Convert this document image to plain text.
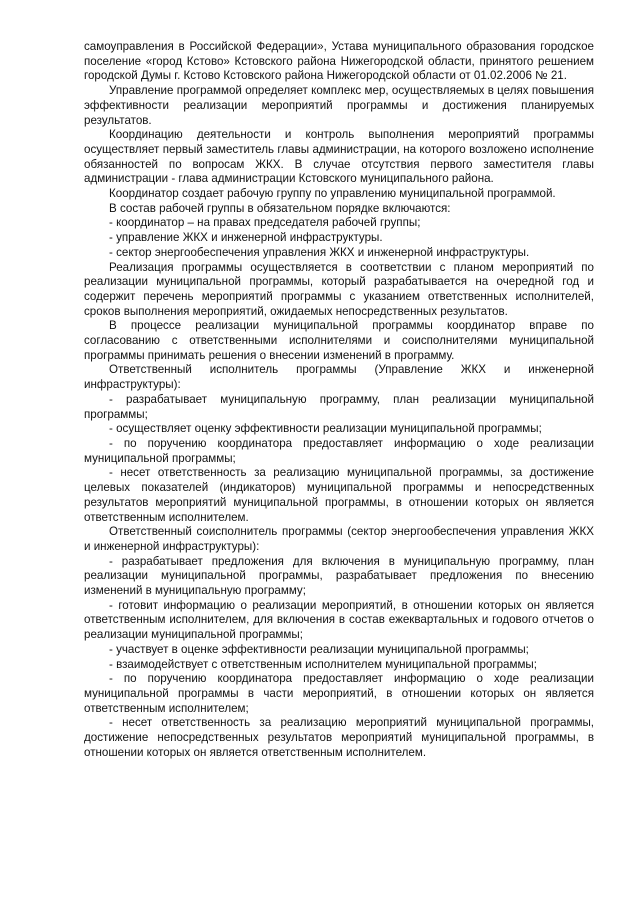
самоуправления в Российской Федерации», Устава муниципального образования городское поселение «город Кстово» Кстовского района Нижегородской области, принятого решением городской Думы г. Кстово Кстовского района Нижегородской области от 01.02.2006 № 21.

Управление программой определяет комплекс мер, осуществляемых в целях повышения эффективности реализации мероприятий программы и достижения планируемых результатов.

Координацию деятельности и контроль выполнения мероприятий программы осуществляет первый заместитель главы администрации, на которого возложено исполнение обязанностей по вопросам ЖКХ. В случае отсутствия первого заместителя главы администрации - глава администрации Кстовского муниципального района.

Координатор создает рабочую группу по управлению муниципальной программой.

В состав рабочей группы в обязательном порядке включаются:

- координатор – на правах председателя рабочей группы;

- управление ЖКХ и инженерной инфраструктуры.

- сектор энергообеспечения управления ЖКХ и инженерной инфраструктуры.

Реализация программы осуществляется в соответствии с планом мероприятий по реализации муниципальной программы, который разрабатывается на очередной год и содержит перечень мероприятий программы с указанием ответственных исполнителей, сроков выполнения мероприятий, ожидаемых непосредственных результатов.

В процессе реализации муниципальной программы координатор вправе по согласованию с ответственными исполнителями и соисполнителями муниципальной программы принимать решения о внесении изменений в программу.

Ответственный исполнитель программы (Управление ЖКХ и инженерной инфраструктуры):

- разрабатывает муниципальную программу, план реализации муниципальной программы;

- осуществляет оценку эффективности реализации муниципальной программы;

- по поручению координатора предоставляет информацию о ходе реализации муниципальной программы;

- несет ответственность за реализацию муниципальной программы, за достижение целевых показателей (индикаторов) муниципальной программы и непосредственных результатов мероприятий муниципальной программы, в отношении которых он является ответственным исполнителем.

Ответственный соисполнитель программы (сектор энергообеспечения управления ЖКХ и инженерной инфраструктуры):

- разрабатывает предложения для включения в муниципальную программу, план реализации муниципальной программы, разрабатывает предложения по внесению изменений в муниципальную программу;

- готовит информацию о реализации мероприятий, в отношении которых он является ответственным исполнителем, для включения в состав ежеквартальных и годового отчетов о реализации муниципальной программы;

- участвует в оценке эффективности реализации муниципальной программы;

- взаимодействует с ответственным исполнителем муниципальной программы;

- по поручению координатора предоставляет информацию о ходе реализации муниципальной программы в части мероприятий, в отношении которых он является ответственным исполнителем;

- несет ответственность за реализацию мероприятий муниципальной программы, достижение непосредственных результатов мероприятий муниципальной программы, в отношении которых он является ответственным исполнителем.
